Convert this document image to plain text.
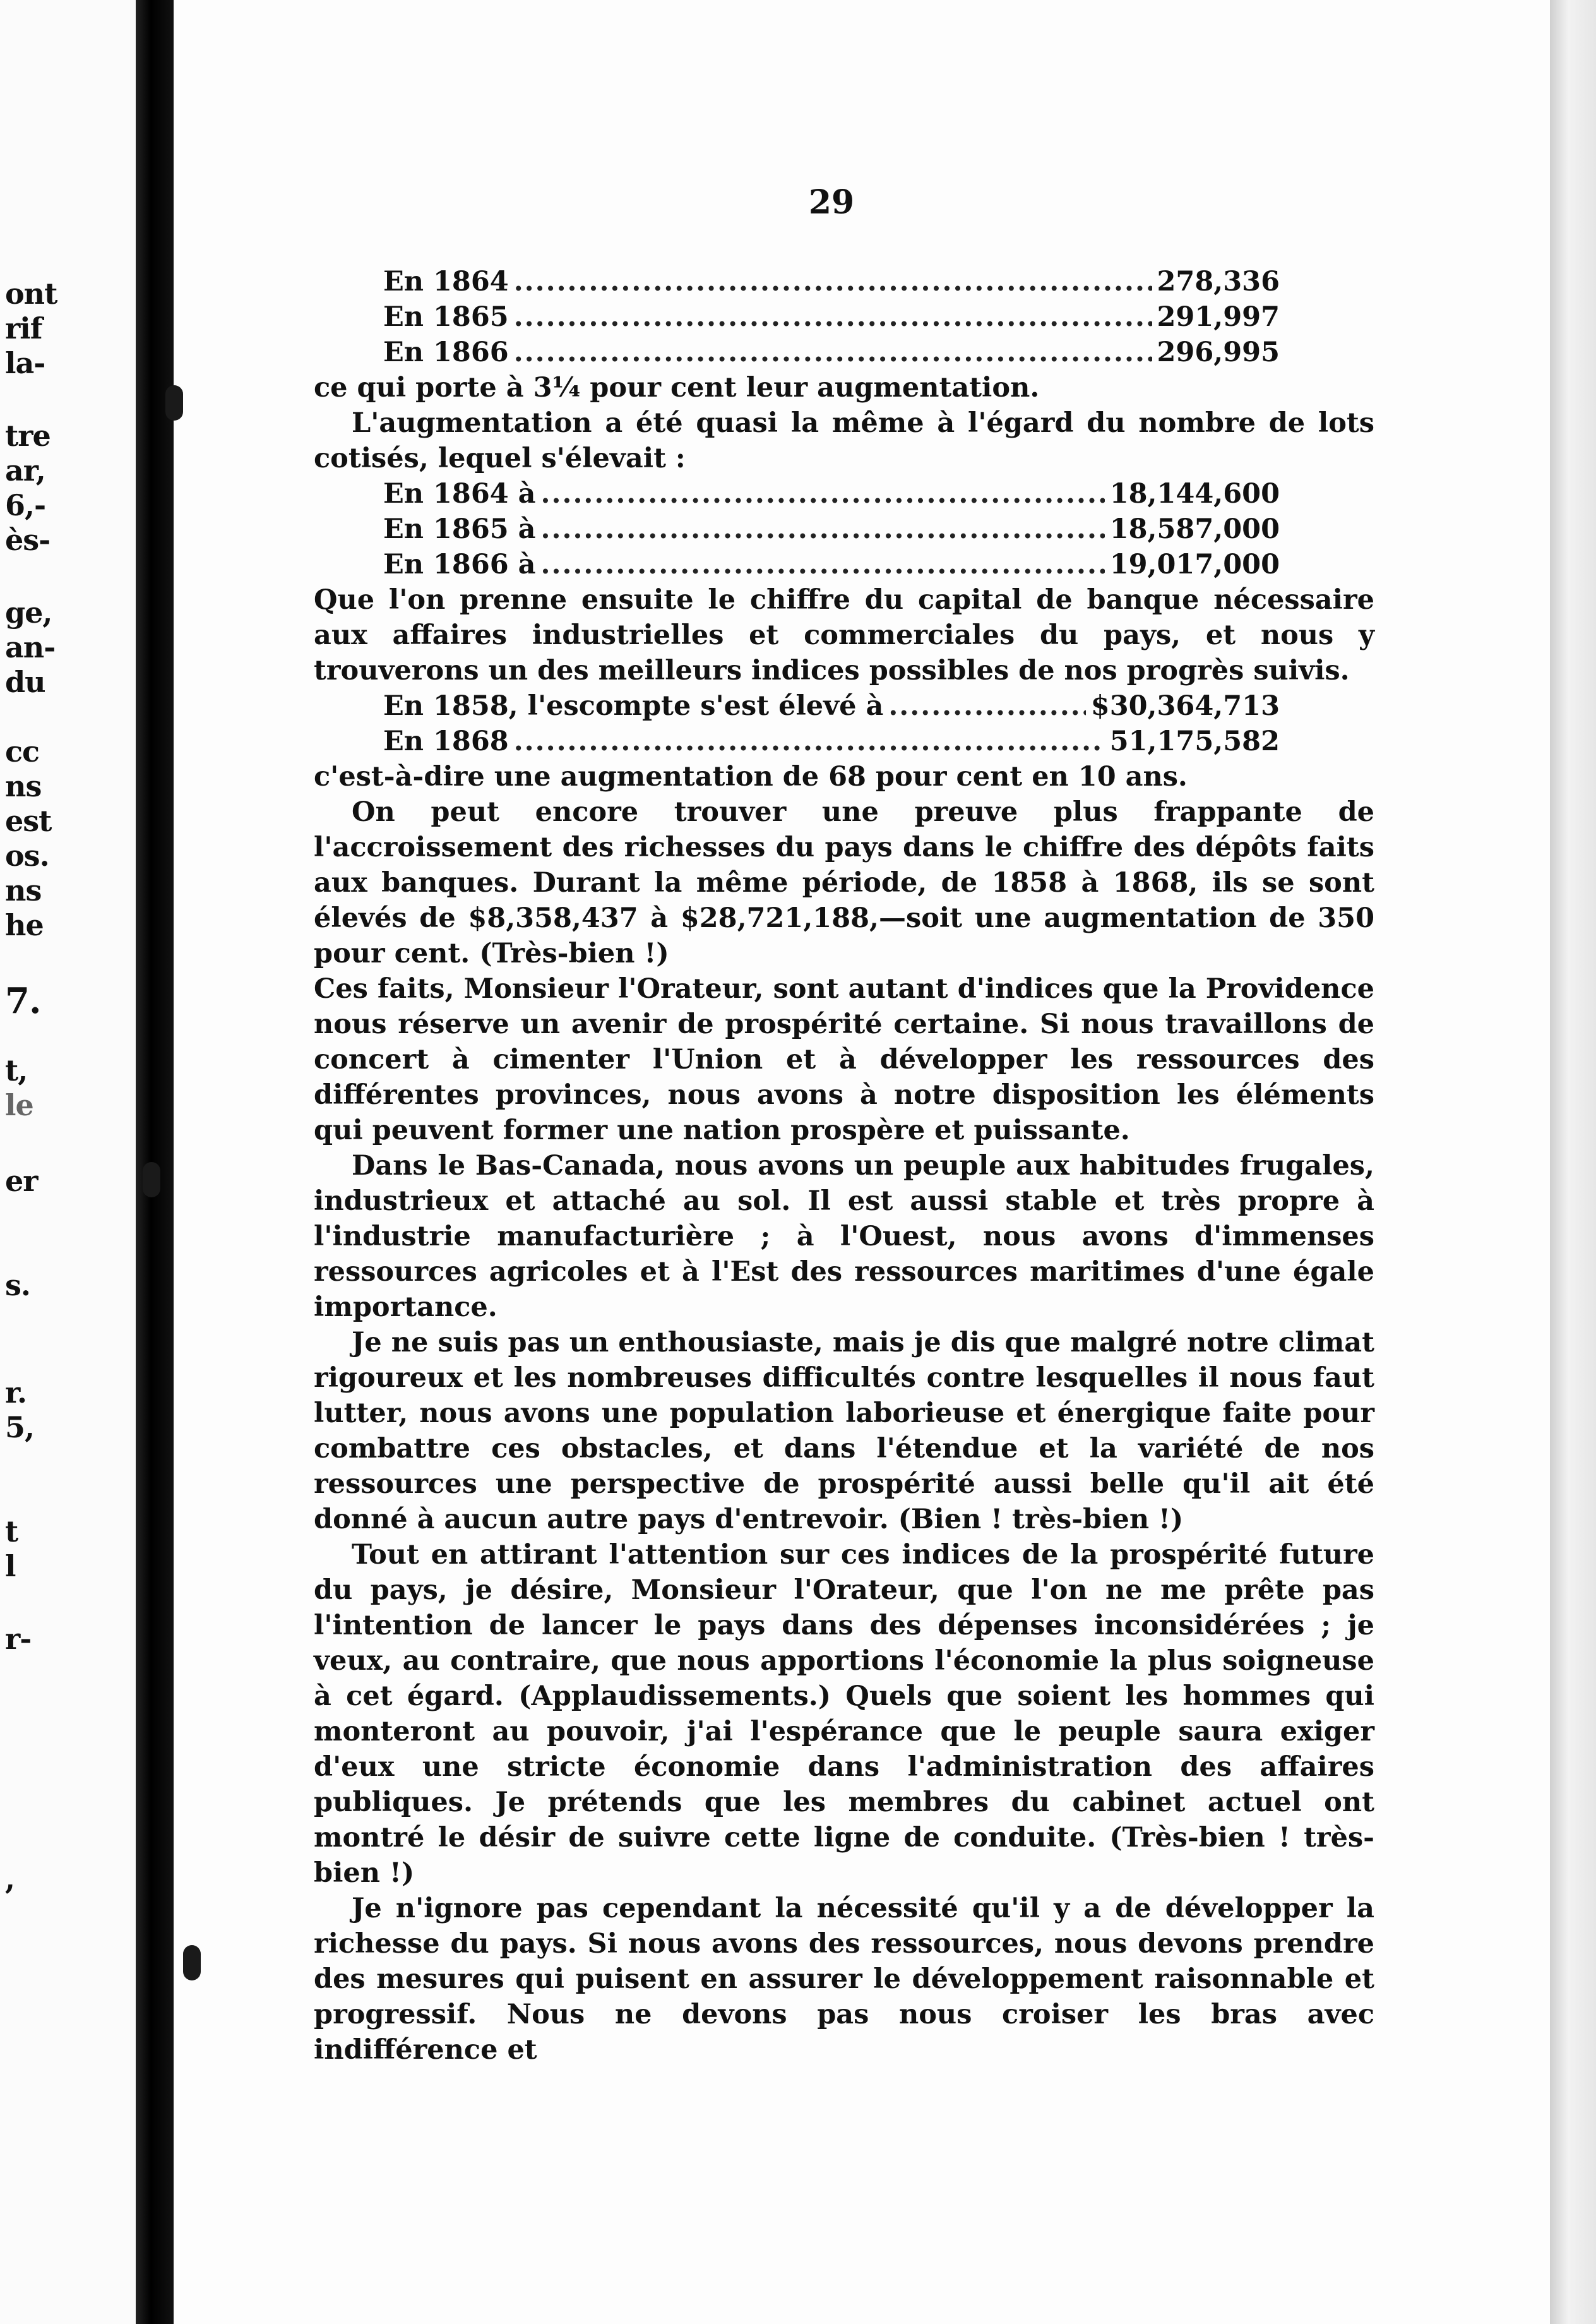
ont
rif
la-
tre
ar,
6,-
ès-
ge,
an-
du
cc
ns
est
os.
ns
he
7.
t,
le
er
s.
r.
5,
t
l
r-
,
29
En 1864 .....	278,336
En 1865 .....	291,997
En 1866 .....	296,995

ce qui porte à 3¼ pour cent leur augmentation.

L'augmentation a été quasi la même à l'égard du nombre de lots cotisés, lequel s'élevait :

En 1864 à .....	18,144,600
En 1865 à .....	18,587,000
En 1866 à .....	19,017,000

Que l'on prenne ensuite le chiffre du capital de banque nécessaire aux affaires industrielles et commerciales du pays, et nous y trouverons un des meilleurs indices possibles de nos progrès suivis.

En 1858, l'escompte s'est élevé à .....	$30,364,713
En 1868 .....	51,175,582

c'est-à-dire une augmentation de 68 pour cent en 10 ans.

On peut encore trouver une preuve plus frappante de l'accroissement des richesses du pays dans le chiffre des dépôts faits aux banques. Durant la même période, de 1858 à 1868, ils se sont élevés de $8,358,437 à $28,721,188,—soit une augmentation de 350 pour cent. (Très-bien !)

Ces faits, Monsieur l'Orateur, sont autant d'indices que la Providence nous réserve un avenir de prospérité certaine. Si nous travaillons de concert à cimenter l'Union et à développer les ressources des différentes provinces, nous avons à notre disposition les éléments qui peuvent former une nation prospère et puissante.

Dans le Bas-Canada, nous avons un peuple aux habitudes frugales, industrieux et attaché au sol. Il est aussi stable et très propre à l'industrie manufacturière ; à l'Ouest, nous avons d'immenses ressources agricoles et à l'Est des ressources maritimes d'une égale importance.

Je ne suis pas un enthousiaste, mais je dis que malgré notre climat rigoureux et les nombreuses difficultés contre lesquelles il nous faut lutter, nous avons une population laborieuse et énergique faite pour combattre ces obstacles, et dans l'étendue et la variété de nos ressources une perspective de prospérité aussi belle qu'il ait été donné à aucun autre pays d'entrevoir. (Bien ! très-bien !)

Tout en attirant l'attention sur ces indices de la prospérité future du pays, je désire, Monsieur l'Orateur, que l'on ne me prête pas l'intention de lancer le pays dans des dépenses inconsidérées ; je veux, au contraire, que nous apportions l'économie la plus soigneuse à cet égard. (Applaudissements.) Quels que soient les hommes qui monteront au pouvoir, j'ai l'espérance que le peuple saura exiger d'eux une stricte économie dans l'administration des affaires publiques. Je prétends que les membres du cabinet actuel ont montré le désir de suivre cette ligne de conduite. (Très-bien ! très-bien !)

Je n'ignore pas cependant la nécessité qu'il y a de développer la richesse du pays. Si nous avons des ressources, nous devons prendre des mesures qui puisent en assurer le développement raisonnable et progressif. Nous ne devons pas nous croiser les bras avec indifférence et
